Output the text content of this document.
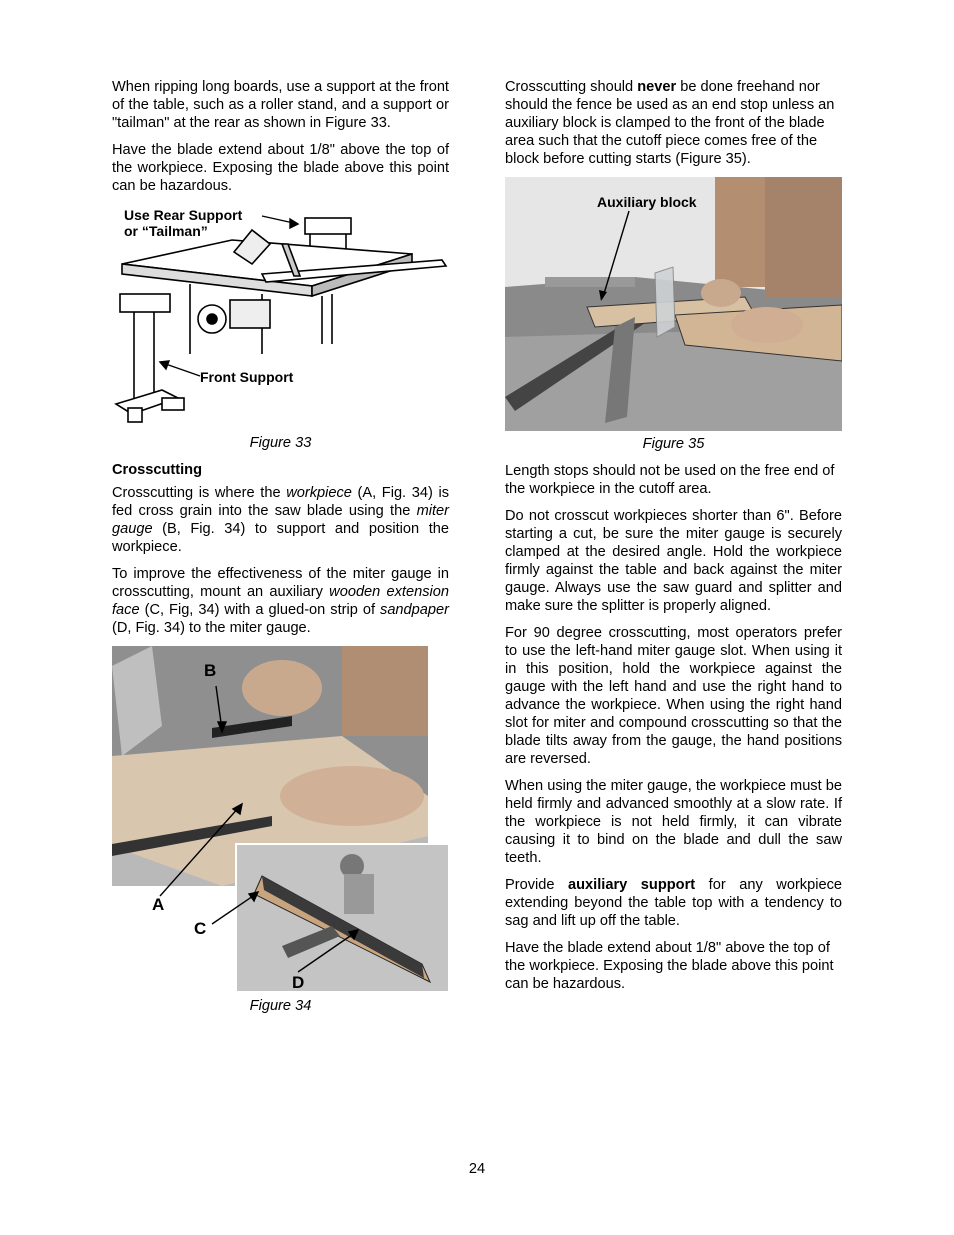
When ripping long boards, use a support at the front of the table, such as a roller stand, and a support or "tailman" at the rear as shown in Figure 33.

Have the blade extend about 1/8" above the top of the workpiece. Exposing the blade above this point can be hazardous.

Use Rear Support
or “Tailman”
Front Support
Figure 33
Crosscutting

Crosscutting is where the workpiece (A, Fig. 34) is fed cross grain into the saw blade using the miter gauge (B, Fig. 34) to support and position the workpiece.

To improve the effectiveness of the miter gauge in crosscutting, mount an auxiliary wooden extension face (C, Fig, 34) with a glued-on strip of sandpaper (D, Fig. 34) to the miter gauge.

B
A
C
D
Figure 34

Crosscutting should never be done freehand nor should the fence be used as an end stop unless an auxiliary block is clamped to the front of the blade area such that the cutoff piece comes free of the block before cutting starts (Figure 35).

Auxiliary block
Figure 35

Length stops should not be used on the free end of the workpiece in the cutoff area.

Do not crosscut workpieces shorter than 6". Before starting a cut, be sure the miter gauge is securely clamped at the desired angle. Hold the workpiece firmly against the table and back against the miter gauge. Always use the saw guard and splitter and make sure the splitter is properly aligned.

For 90 degree crosscutting, most operators prefer to use the left-hand miter gauge slot. When using it in this position, hold the workpiece against the gauge with the left hand and use the right hand to advance the workpiece. When using the right hand slot for miter and compound crosscutting so that the blade tilts away from the gauge, the hand positions are reversed.

When using the miter gauge, the workpiece must be held firmly and advanced smoothly at a slow rate. If the workpiece is not held firmly, it can vibrate causing it to bind on the blade and dull the saw teeth.

Provide auxiliary support for any workpiece extending beyond the table top with a tendency to sag and lift up off the table.

Have the blade extend about 1/8" above the top of the workpiece. Exposing the blade above this point can be hazardous.

24
